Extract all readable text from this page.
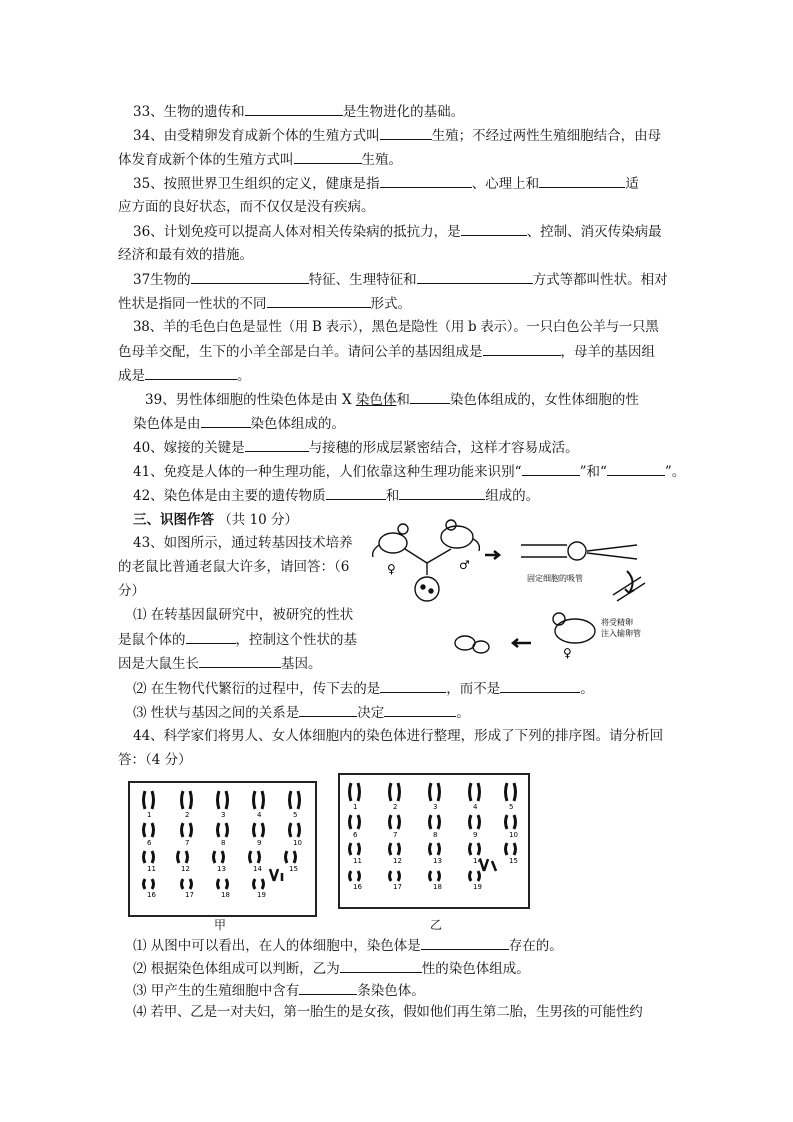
33、生物的遗传和	是生物进化的基础。
34、由受精卵发育成新个体的生殖方式叫	生殖；不经过两性生殖细胞结合，由母
体发育成新个体的生殖方式叫	生殖。
35、按照世界卫生组织的定义，健康是指	、心理上和	适
应方面的良好状态，而不仅仅是没有疾病。
36、计划免疫可以提高人体对相关传染病的抵抗力，是	、控制、消灭传染病最
经济和最有效的措施。
37生物的	特征、生理特征和	方式等都叫性状。相对
性状是指同一性状的不同	形式。
38、羊的毛色白色是显性（用 B 表示），黑色是隐性（用 b 表示）。一只白色公羊与一只黑
色母羊交配，生下的小羊全部是白羊。请问公羊的基因组成是	，母羊的基因组
成是	。
39、男性体细胞的性染色体是由 X 染色体和	染色体组成的，女性体细胞的性
染色体是由	染色体组成的。
40、嫁接的关键是	与接穗的形成层紧密结合，这样才容易成活。
41、免疫是人体的一种生理功能，人们依靠这种生理功能来识别“	”和“	”。
42、染色体是由主要的遗传物质	和	组成的。
三、识图作答 （共 10 分）
43、如图所示，通过转基因技术培养
的老鼠比普通老鼠大许多，请回答：（6
分）
⑴ 在转基因鼠研究中，被研究的性状
是鼠个体的	，控制这个性状的基
因是大鼠生长	基因。
⑵ 在生物代代繁衍的过程中，传下去的是	，而不是	。
⑶ 性状与基因之间的关系是	决定	。
♀	♂
固定细胞的吸管
将受精卵
注入输卵管
♀
44、科学家们将男人、女人体细胞内的染色体进行整理，形成了下列的排序图。请分析回
答：（4 分）
1	2	3	4	5
6	7	8	9	10
11	12	13	14	15
16	17	18	19
1	2	3	4	5
6	7	8	9	10
11	12	13	14	15
16	17	18	19
甲	乙
⑴ 从图中可以看出，在人的体细胞中，染色体是	存在的。
⑵ 根据染色体组成可以判断，乙为	性的染色体组成。
⑶ 甲产生的生殖细胞中含有	条染色体。
⑷ 若甲、乙是一对夫妇，第一胎生的是女孩，假如他们再生第二胎，生男孩的可能性约
